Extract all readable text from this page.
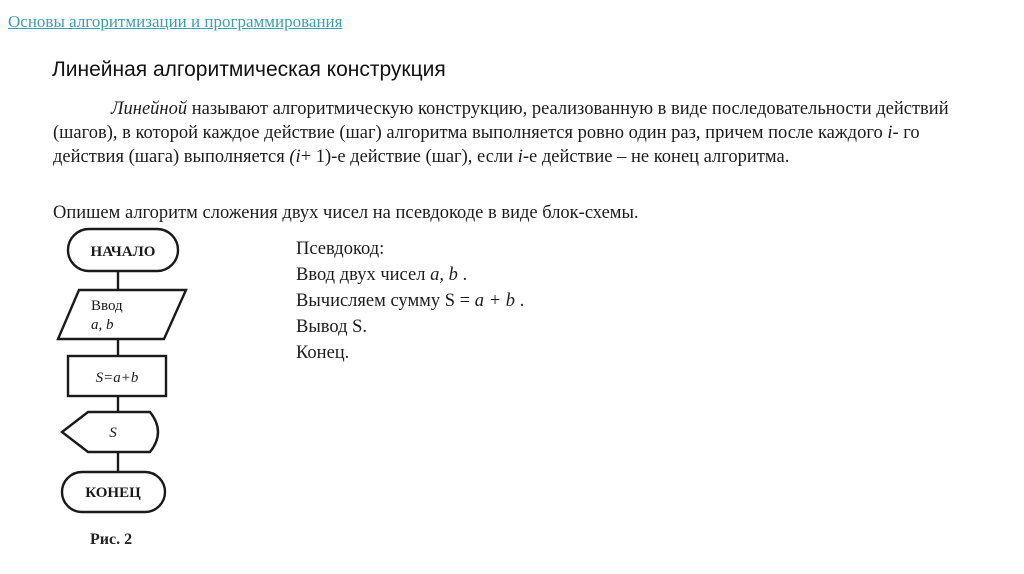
Основы алгоритмизации и программирования
Линейная алгоритмическая конструкция
Линейной называют алгоритмическую конструкцию, реализованную в виде последовательности действий (шагов), в которой каждое действие (шаг) алгоритма выполняется ровно один раз, причем после каждого i- го действия (шага) выполняется (i+ 1)-е действие (шаг), если i-е действие – не конец алгоритма.
Опишем алгоритм сложения двух чисел на псевдокоде в виде блок-схемы.
Псевдокод:
Ввод двух чисел a, b .
Вычисляем сумму S = a + b .
Вывод S.
Конец.
НАЧАЛО
Ввод
a, b
S=a+b
S
КОНЕЦ
Рис. 2
